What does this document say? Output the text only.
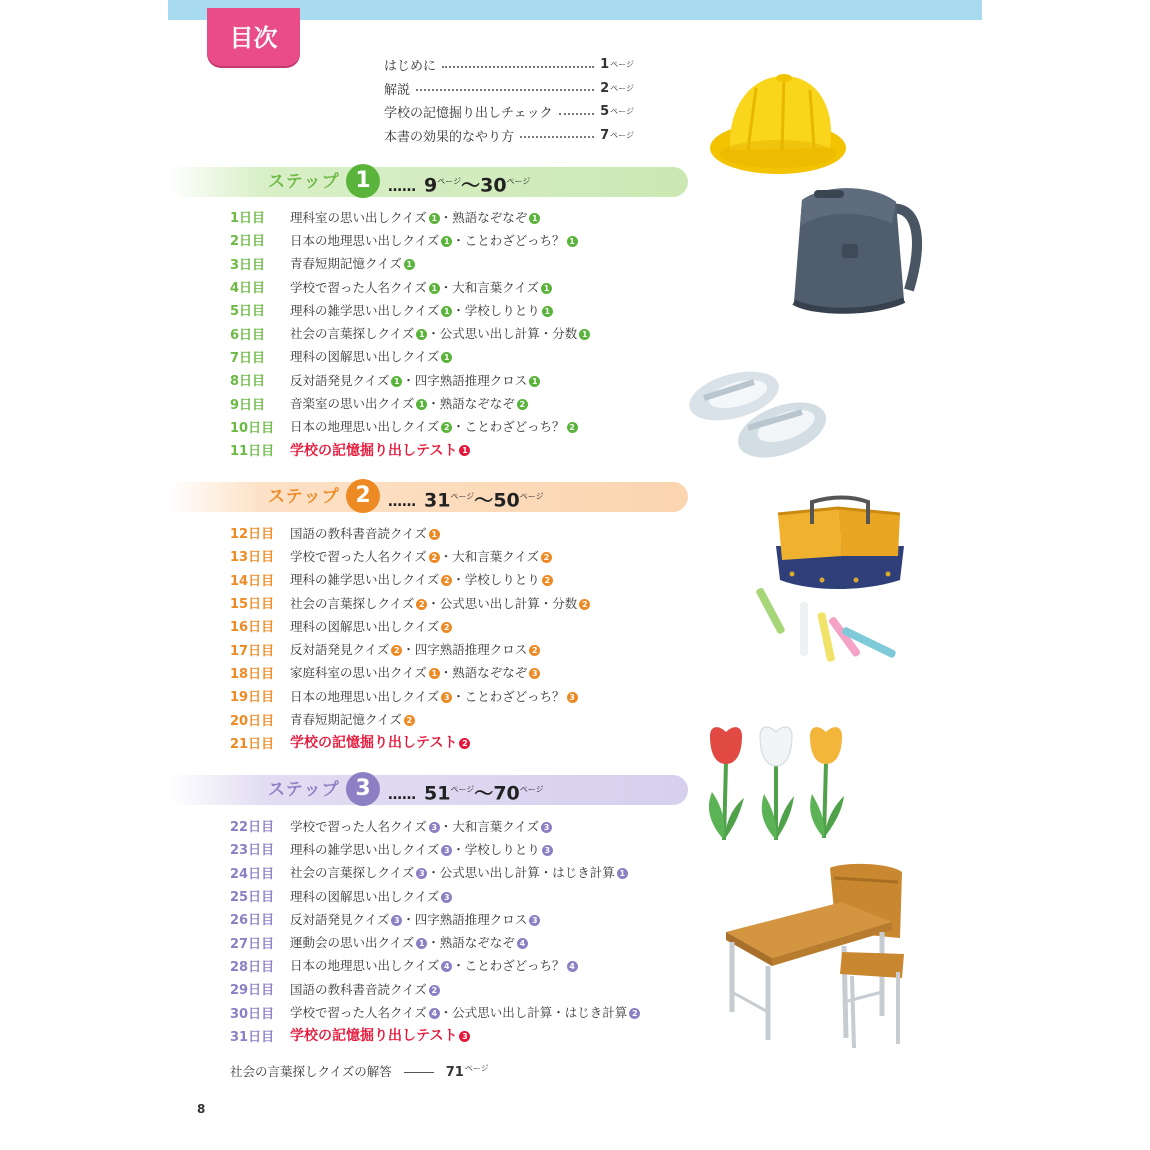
目次
はじめに	1 ページ
解説	2 ページ
学校の記憶掘り出しチェック	5 ページ
本書の効果的なやり方	7 ページ
ステップ 1	…… $9^{ページ}$〜$30^{ページ}$
ステップ 2	…… $31^{ページ}$〜$50^{ページ}$
ステップ 3	…… $51^{ページ}$〜$70^{ページ}$
1日目	理科室の思い出しクイズ 1 ・熟語なぞなぞ 1
2日目	日本の地理思い出しクイズ 1 ・ことわざどっち？ 1
3日目	青春短期記憶クイズ 1
4日目	学校で習った人名クイズ 1 ・大和言葉クイズ 1
5日目	理科の雑学思い出しクイズ 1 ・学校しりとり 1
6日目	社会の言葉探しクイズ 1 ・公式思い出し計算・分数 1
7日目	理科の図解思い出しクイズ 1
8日目	反対語発見クイズ 1 ・四字熟語推理クロス 1
9日目	音楽室の思い出クイズ 1 ・熟語なぞなぞ 2
10日目	日本の地理思い出しクイズ 2 ・ことわざどっち？ 2
11日目	学校の記憶掘り出しテスト 1
12日目	国語の教科書音読クイズ 1
13日目	学校で習った人名クイズ 2 ・大和言葉クイズ 2
14日目	理科の雑学思い出しクイズ 2 ・学校しりとり 2
15日目	社会の言葉探しクイズ 2 ・公式思い出し計算・分数 2
16日目	理科の図解思い出しクイズ 2
17日目	反対語発見クイズ 2 ・四字熟語推理クロス 2
18日目	家庭科室の思い出クイズ 1 ・熟語なぞなぞ 3
19日目	日本の地理思い出しクイズ 3 ・ことわざどっち？ 3
20日目	青春短期記憶クイズ 2
21日目	学校の記憶掘り出しテスト 2
22日目	学校で習った人名クイズ 3 ・大和言葉クイズ 3
23日目	理科の雑学思い出しクイズ 3 ・学校しりとり 3
24日目	社会の言葉探しクイズ 3 ・公式思い出し計算・はじき計算 1
25日目	理科の図解思い出しクイズ 3
26日目	反対語発見クイズ 3 ・四字熟語推理クロス 3
27日目	運動会の思い出クイズ 1 ・熟語なぞなぞ 4
28日目	日本の地理思い出しクイズ 4 ・ことわざどっち？ 4
29日目	国語の教科書音読クイズ 2
30日目	学校で習った人名クイズ 4 ・公式思い出し計算・はじき計算 2
31日目	学校の記憶掘り出しテスト 3
社会の言葉探しクイズの解答	$71^{ページ}$
8
